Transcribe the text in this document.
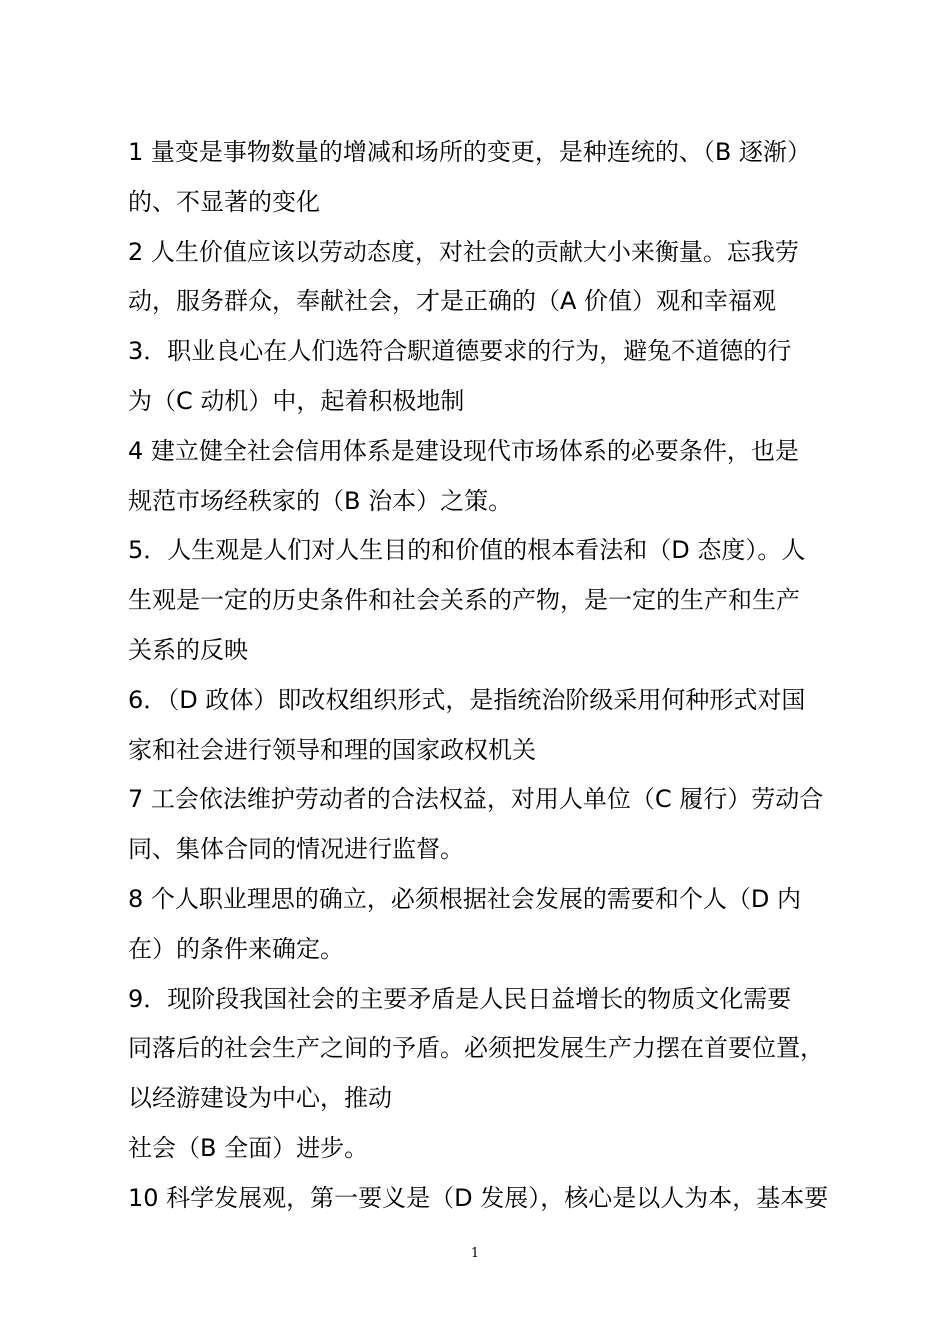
1 量变是事物数量的增减和场所的变更，是种连统的、（B 逐渐）
的、不显著的变化
2 人生价值应该以劳动态度，对社会的贡献大小来衡量。忘我劳
动，服务群众，奉献社会，才是正确的（A 价值）观和幸福观
3．职业良心在人们选符合駅道德要求的行为，避兔不道德的行
为（C 动机）中，起着积极地制
4 建立健全社会信用体系是建设现代市场体系的必要条件，也是
规范市场经秩家的（B 治本）之策。
5．人生观是人们对人生目的和价值的根本看法和（D 态度）。人
生观是一定的历史条件和社会关系的产物，是一定的生产和生产
关系的反映
6．（D 政体）即改权组织形式，是指统治阶级采用何种形式对国
家和社会进行领导和理的国家政权机关
7 工会依法维护劳动者的合法权益，对用人单位（C 履行）劳动合
同、集体合同的情况进行监督。
8 个人职业理思的确立，必须根据社会发展的需要和个人（D 内
在）的条件来确定。
9．现阶段我国社会的主要矛盾是人民日益增长的物质文化需要
同落后的社会生产之间的予盾。必须把发展生产力摆在首要位置，
以经游建设为中心，推动
社会（B 全面）进步。
10 科学发展观，第一要义是（D 发展），核心是以人为本，基本要
1
